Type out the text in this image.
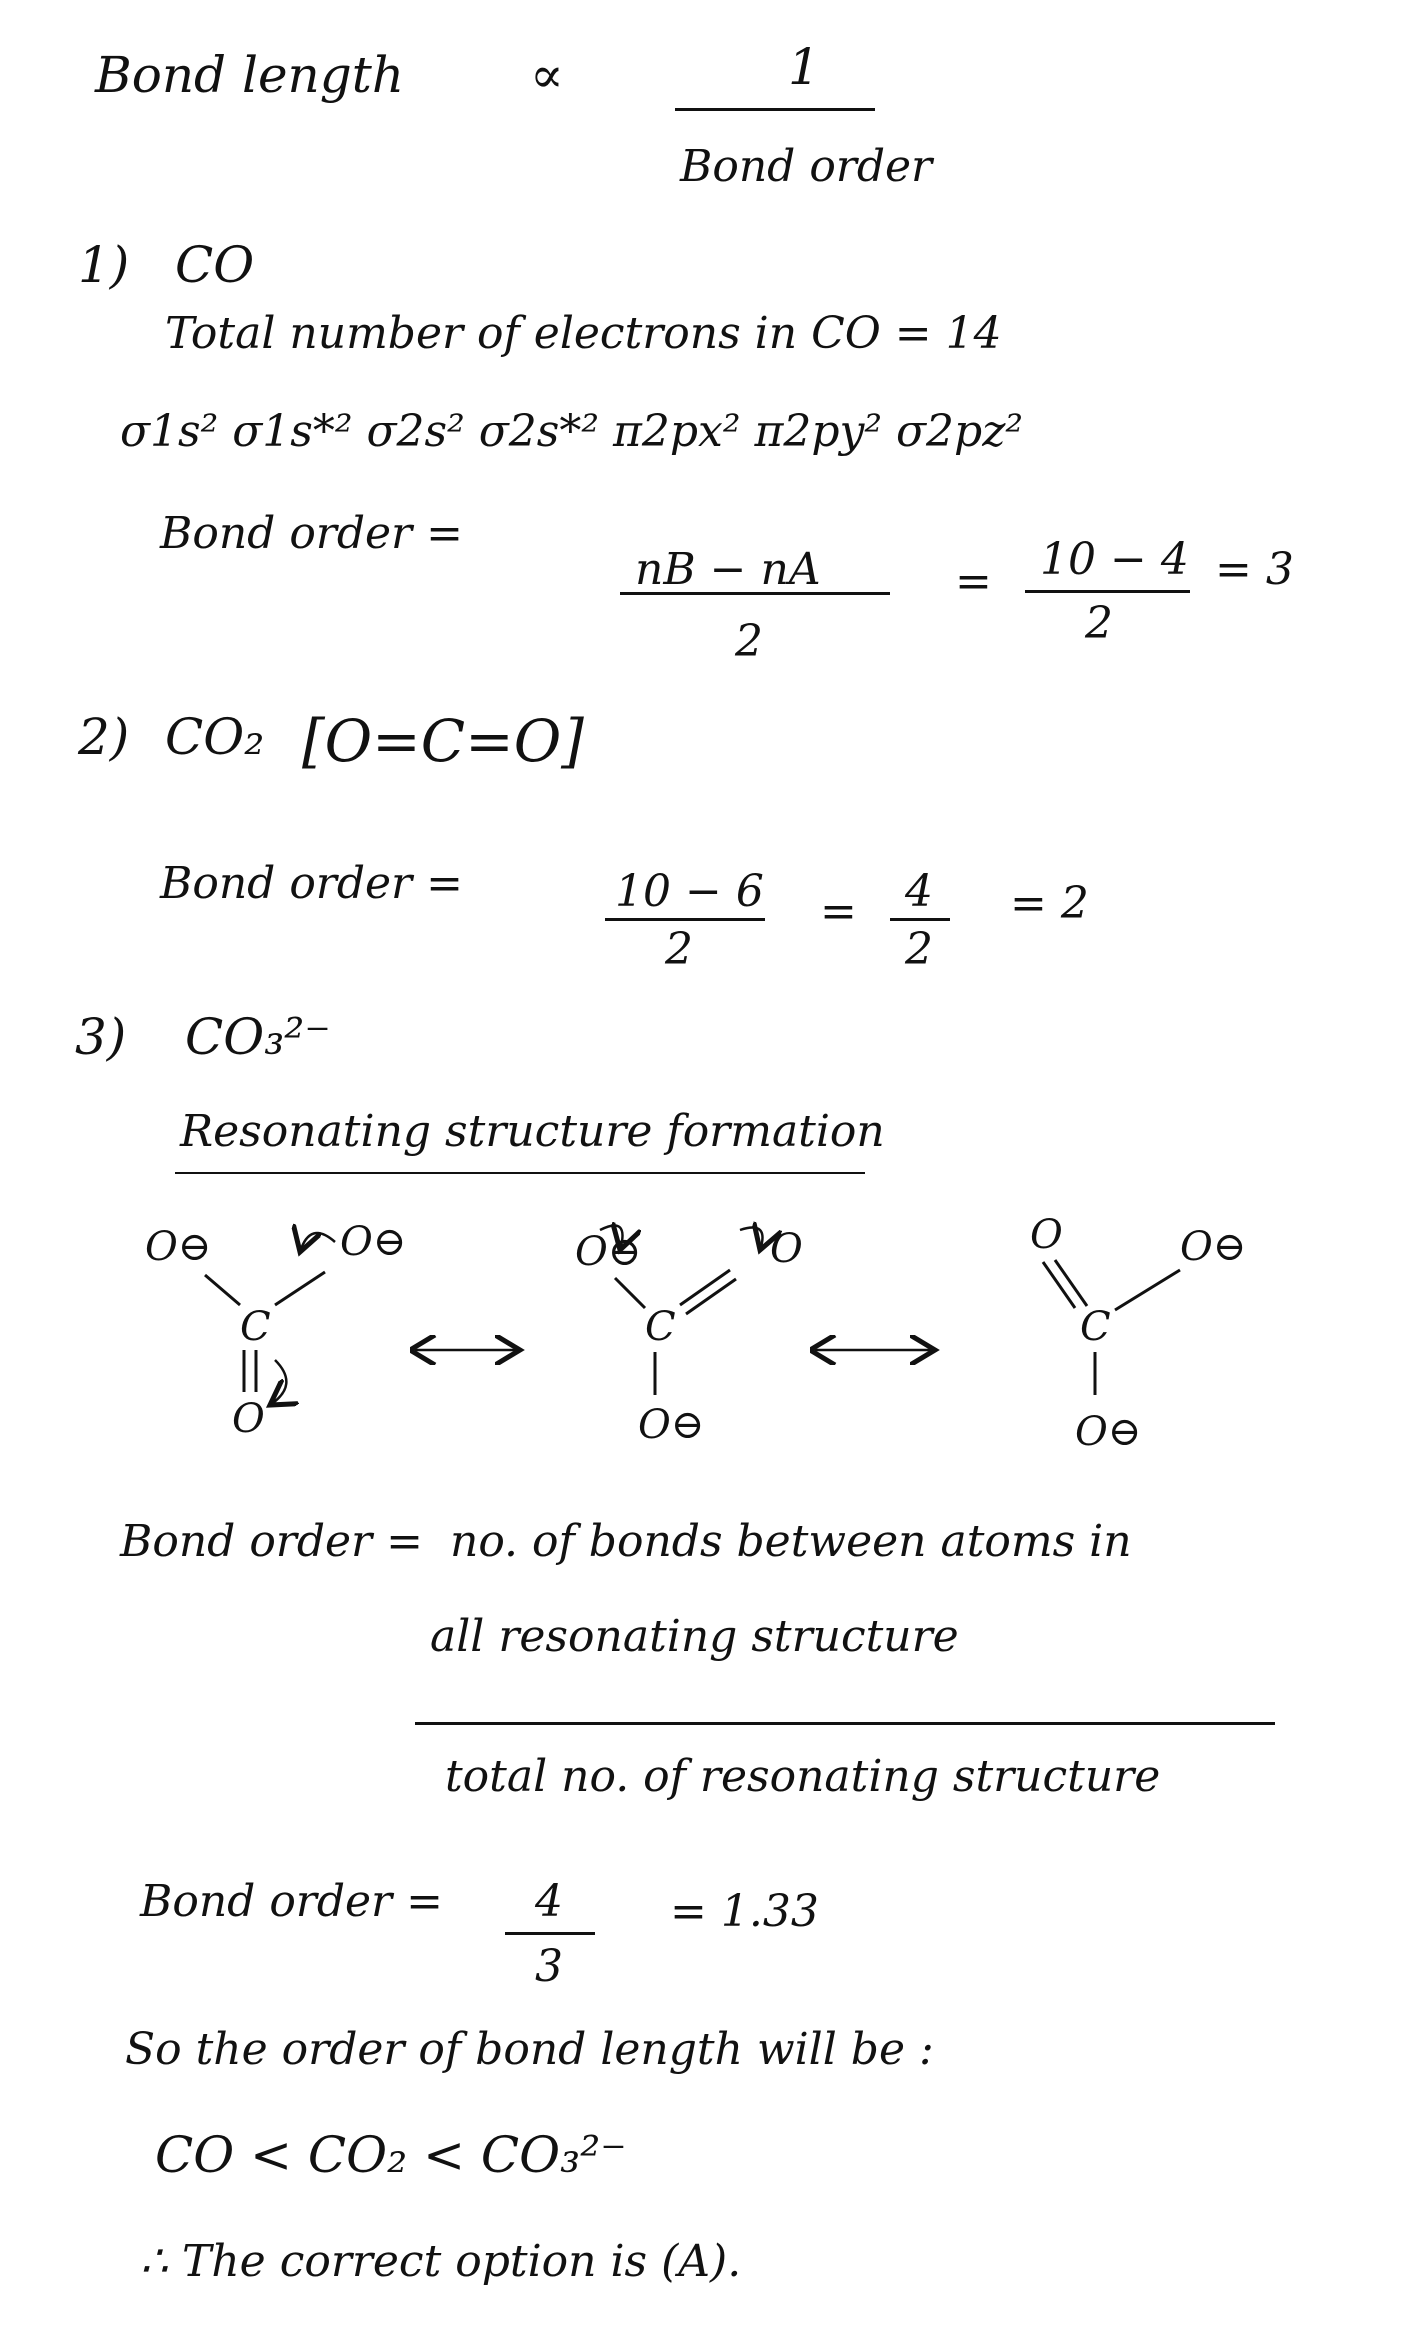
Bond length	∝	1
Bond order
1) CO
Total number of electrons in CO = 14
σ1s² σ1s*² σ2s² σ2s*² π2px² π2py² σ2pz²
Bond order =
nB − nA
2
= 10 − 4
2
= 3
2) CO₂ [O=C=O]
Bond order =	10 − 6
2
= 4
2
= 2
3) CO₃²⁻
Resonating structure formation
O⊖
C
O⊖
O
O⊖
C
O
O⊖
O
C
O⊖
O⊖
Bond order = no. of bonds between atoms in
all resonating structure
total no. of resonating structure
Bond order = 4
3
= 1.33
So the order of bond length will be :
CO < CO₂ < CO₃²⁻
∴ The correct option is (A).
